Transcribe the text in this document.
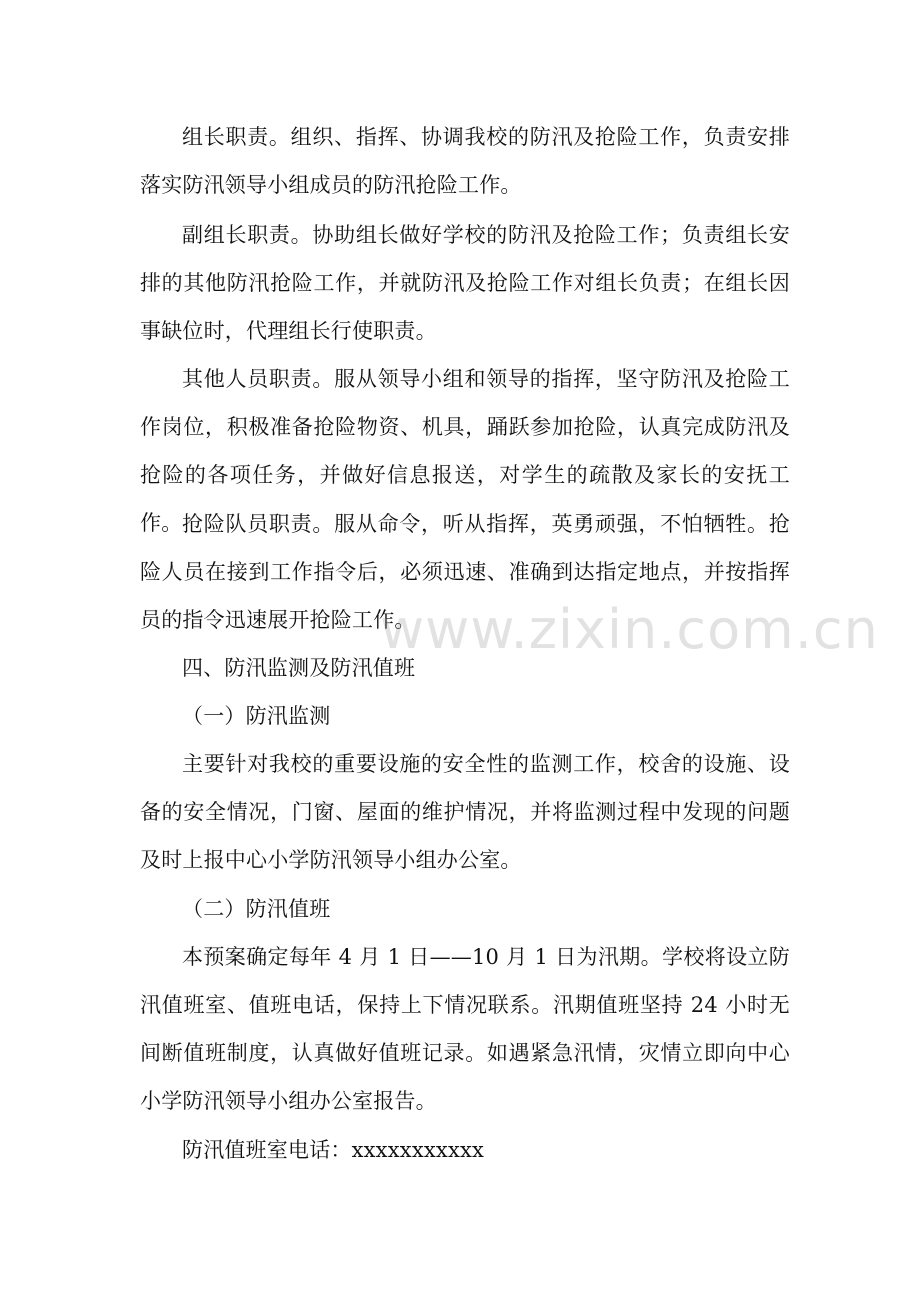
组长职责。组织、指挥、协调我校的防汛及抢险工作，负责安排落实防汛领导小组成员的防汛抢险工作。

副组长职责。协助组长做好学校的防汛及抢险工作；负责组长安排的其他防汛抢险工作，并就防汛及抢险工作对组长负责；在组长因事缺位时，代理组长行使职责。

其他人员职责。服从领导小组和领导的指挥，坚守防汛及抢险工作岗位，积极准备抢险物资、机具，踊跃参加抢险，认真完成防汛及抢险的各项任务，并做好信息报送，对学生的疏散及家长的安抚工作。 抢险队员职责。服从命令，听从指挥，英勇顽强，不怕牺牲。抢险人员在接到工作指令后，必须迅速、准确到达指定地点，并按指挥员的指令迅速展开抢险工作。

四、防汛监测及防汛值班

（一）防汛监测

主要针对我校的重要设施的安全性的监测工作，校舍的设施、设备的安全情况，门窗、屋面的维护情况，并将监测过程中发现的问题及时上报中心小学防汛领导小组办公室。

（二）防汛值班

本预案确定每年 4 月 1 日——10 月 1 日为汛期。学校将设立防汛值班室、值班电话，保持上下情况联系。汛期值班坚持 24 小时无间断值班制度，认真做好值班记录。如遇紧急汛情，灾情立即向中心小学防汛领导小组办公室报告。

防汛值班室电话：xxxxxxxxxxx

www.zixin.com.cn
